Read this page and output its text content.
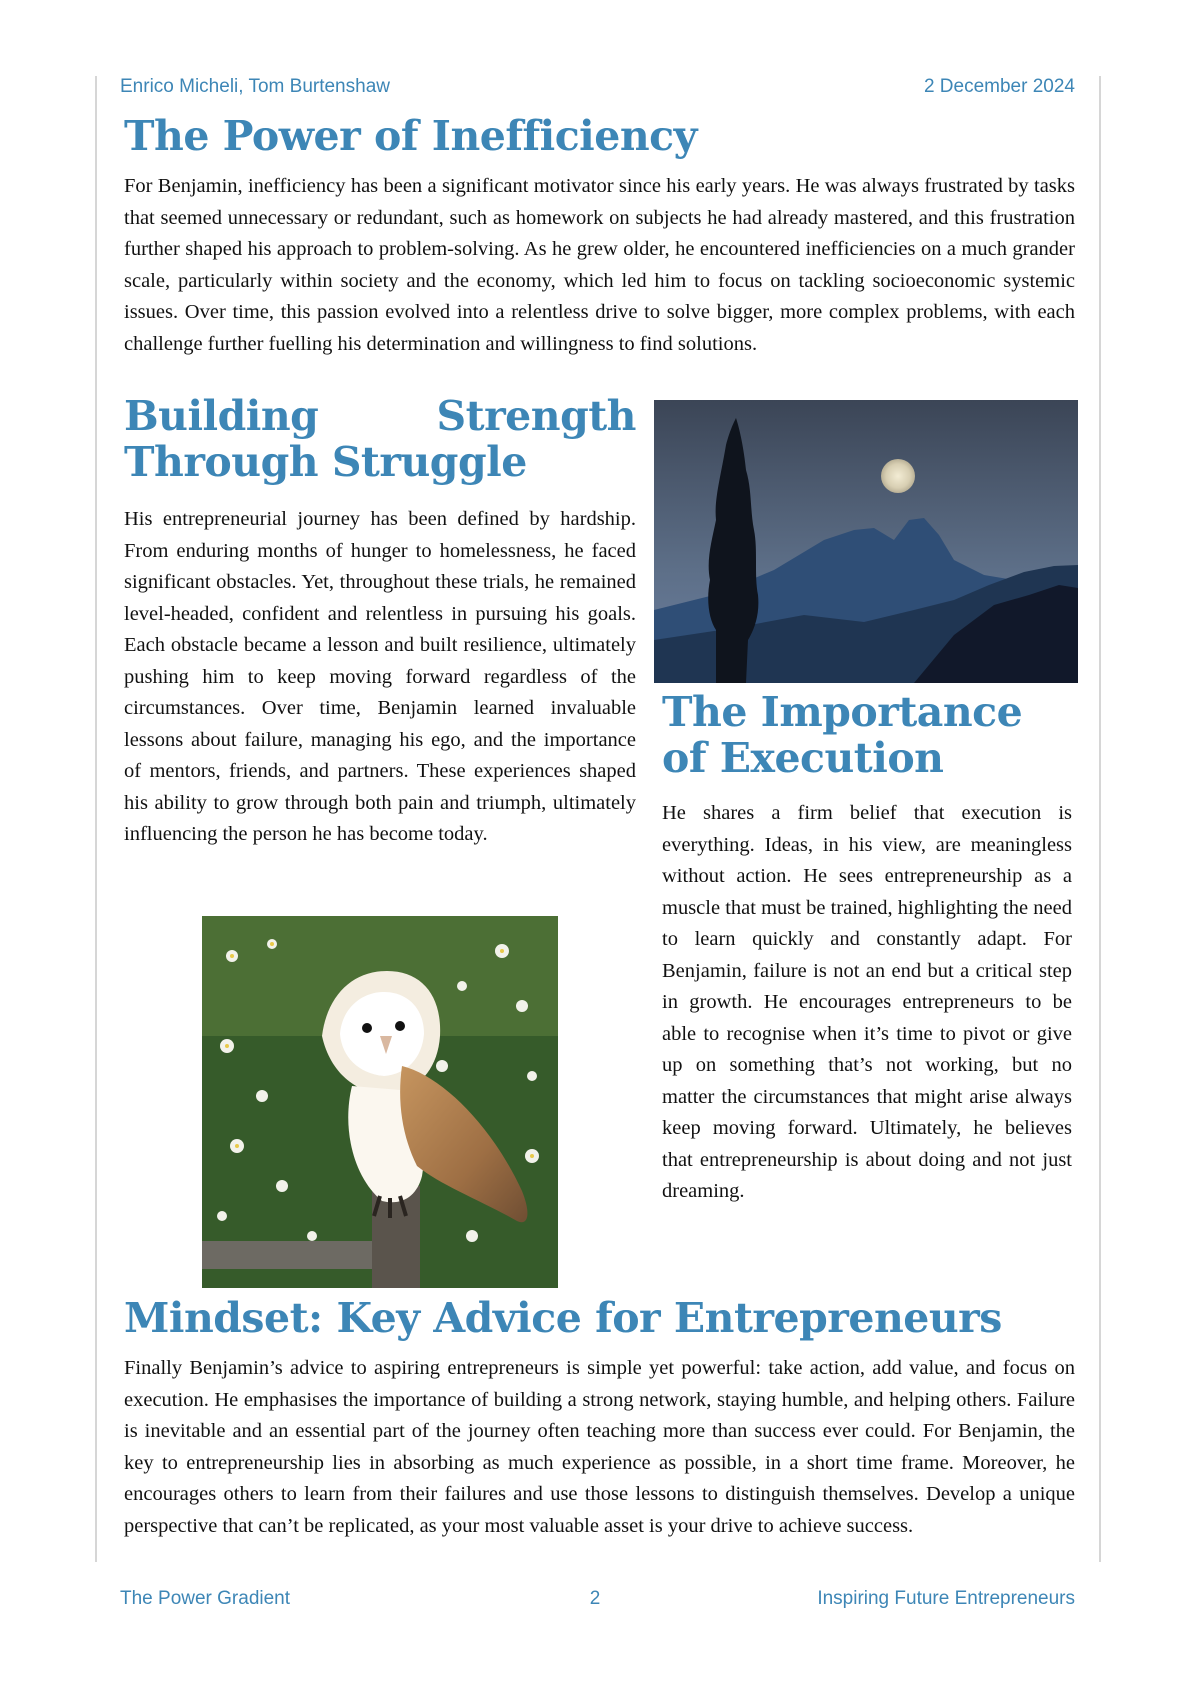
Enrico Micheli, Tom Burtenshaw	2 December 2024
The Power of Inefficiency

For Benjamin, inefficiency has been a significant motivator since his early years. He was always frustrated by tasks that seemed unnecessary or redundant, such as homework on subjects he had already mastered, and this frustration further shaped his approach to problem-solving. As he grew older, he encountered inefficiencies on a much grander scale, particularly within society and the economy, which led him to focus on tackling socioeconomic systemic issues. Over time, this passion evolved into a relentless drive to solve bigger, more complex problems, with each challenge further fuelling his determination and willingness to find solutions.

Building Strength Through Struggle

His entrepreneurial journey has been defined by hardship. From enduring months of hunger to homelessness, he faced significant obstacles. Yet, throughout these trials, he remained level-headed, confident and relentless in pursuing his goals. Each obstacle became a lesson and built resilience, ultimately pushing him to keep moving forward regardless of the circumstances. Over time, Benjamin learned invaluable lessons about failure, managing his ego, and the importance of mentors, friends, and partners. These experiences shaped his ability to grow through both pain and triumph, ultimately influencing the person he has become today.

The Importance of Execution

He shares a firm belief that execution is everything. Ideas, in his view, are meaningless without action. He sees entrepreneurship as a muscle that must be trained, highlighting the need to learn quickly and constantly adapt. For Benjamin, failure is not an end but a critical step in growth. He encourages entrepreneurs to be able to recognise when it’s time to pivot or give up on something that’s not working, but no matter the circumstances that might arise always keep moving forward. Ultimately, he believes that entrepreneurship is about doing and not just dreaming.

Mindset: Key Advice for Entrepreneurs

Finally Benjamin’s advice to aspiring entrepreneurs is simple yet powerful: take action, add value, and focus on execution. He emphasises the importance of building a strong network, staying humble, and helping others. Failure is inevitable and an essential part of the journey often teaching more than success ever could. For Benjamin, the key to entrepreneurship lies in absorbing as much experience as possible, in a short time frame. Moreover, he encourages others to learn from their failures and use those lessons to distinguish themselves. Develop a unique perspective that can’t be replicated, as your most valuable asset is your drive to achieve success.

The Power Gradient	2	Inspiring Future Entrepreneurs
